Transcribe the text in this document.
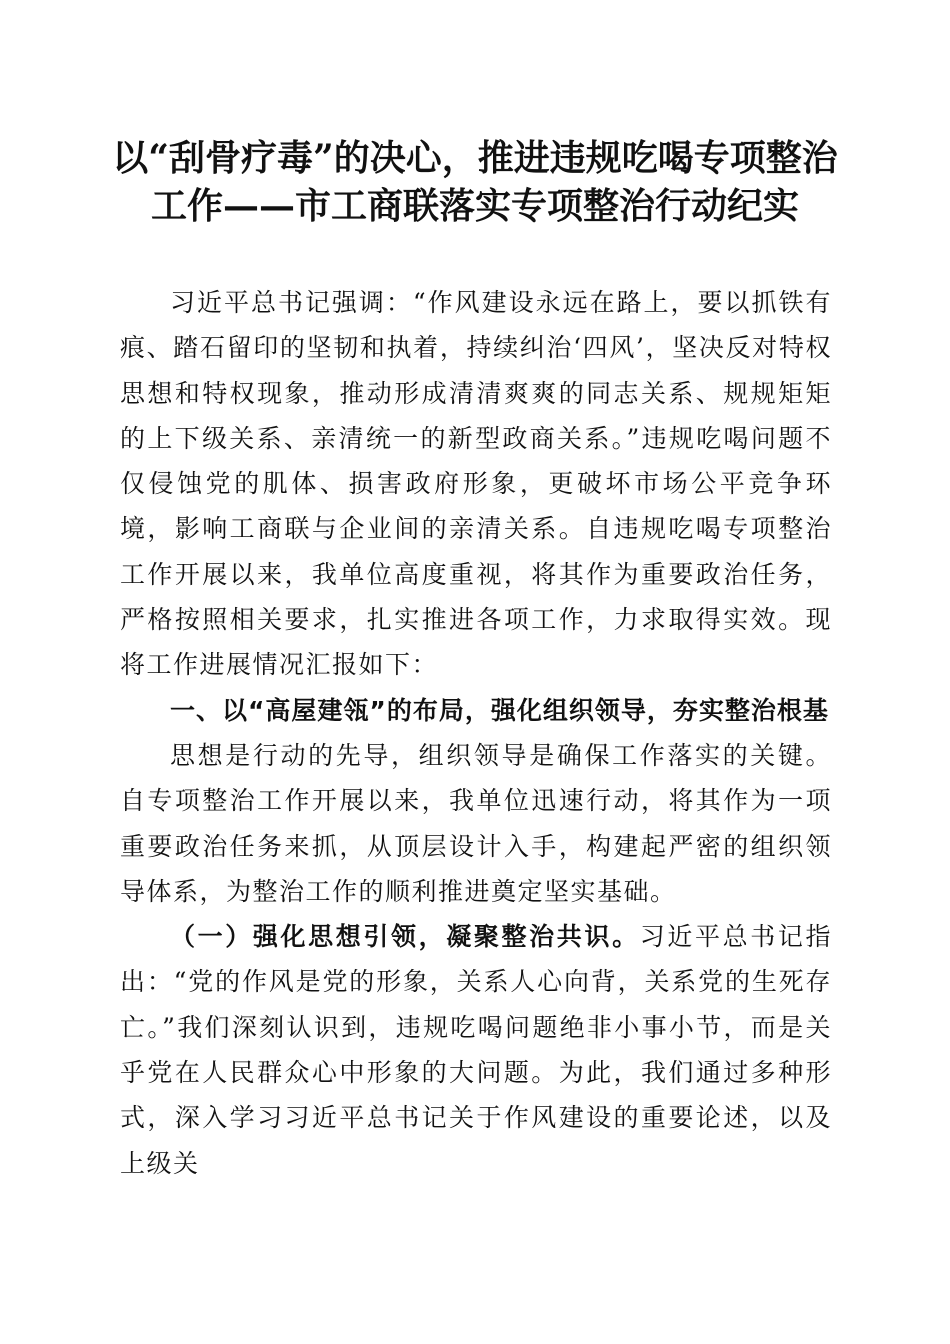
以“刮骨疗毒”的决心，推进违规吃喝专项整治工作——市工商联落实专项整治行动纪实

习近平总书记强调：“作风建设永远在路上，要以抓铁有痕、踏石留印的坚韧和执着，持续纠治‘四风’，坚决反对特权思想和特权现象，推动形成清清爽爽的同志关系、规规矩矩的上下级关系、亲清统一的新型政商关系。”违规吃喝问题不仅侵蚀党的肌体、损害政府形象，更破坏市场公平竞争环境，影响工商联与企业间的亲清关系。自违规吃喝专项整治工作开展以来，我单位高度重视，将其作为重要政治任务，严格按照相关要求，扎实推进各项工作，力求取得实效。现将工作进展情况汇报如下：

一、以“高屋建瓴”的布局，强化组织领导，夯实整治根基

思想是行动的先导，组织领导是确保工作落实的关键。自专项整治工作开展以来，我单位迅速行动，将其作为一项重要政治任务来抓，从顶层设计入手，构建起严密的组织领导体系，为整治工作的顺利推进奠定坚实基础。

（一）强化思想引领，凝聚整治共识。习近平总书记指出：“党的作风是党的形象，关系人心向背，关系党的生死存亡。”我们深刻认识到，违规吃喝问题绝非小事小节，而是关乎党在人民群众心中形象的大问题。为此，我们通过多种形式，深入学习习近平总书记关于作风建设的重要论述，以及上级关
